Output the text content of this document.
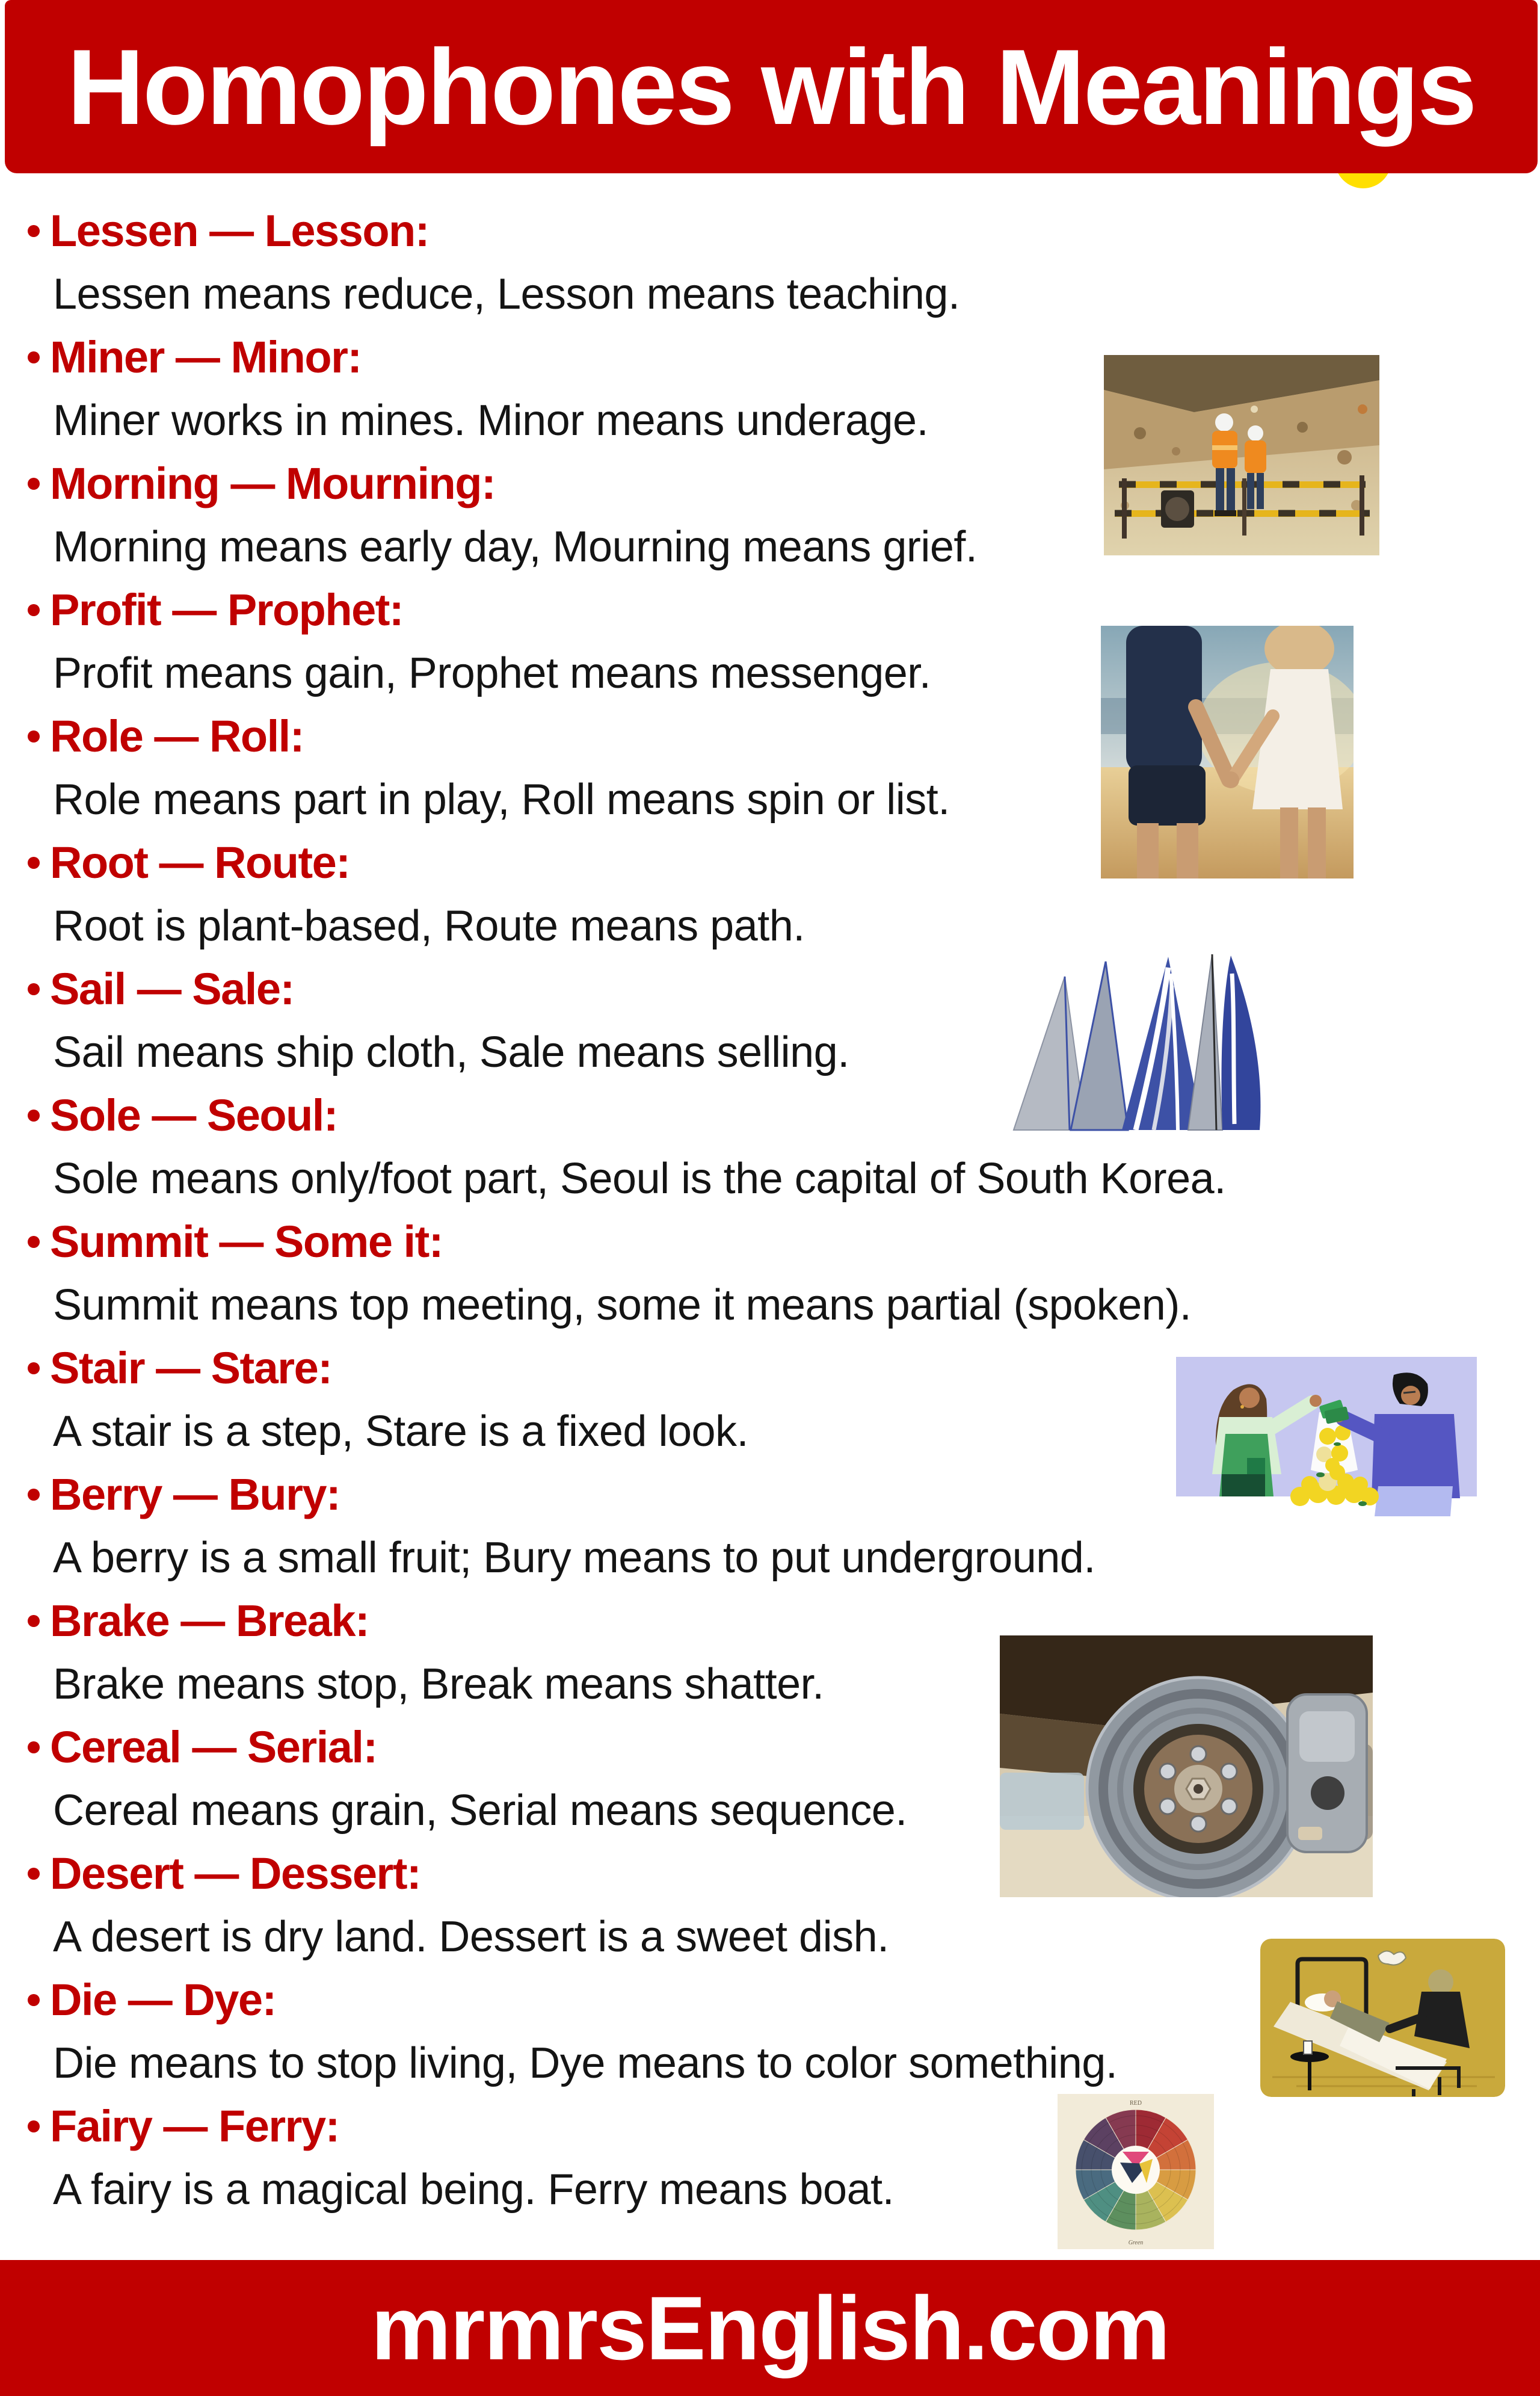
Homophones with Meanings
Lessen — Lesson:
Lessen means reduce, Lesson means teaching.
Miner — Minor:
Miner works in mines. Minor means underage.
Morning — Mourning:
Morning means early day, Mourning means grief.
Profit — Prophet:
Profit means gain, Prophet means messenger.
Role — Roll:
Role means part in play, Roll means spin or list.
Root — Route:
Root is plant-based, Route means path.
Sail — Sale:
Sail means ship cloth, Sale means selling.
Sole — Seoul:
Sole means only/foot part, Seoul is the capital of South Korea.
Summit — Some it:
Summit means top meeting, some it means partial (spoken).
Stair — Stare:
A stair is a step, Stare is a fixed look.
Berry — Bury:
A berry is a small fruit; Bury means to put underground.
Brake — Break:
Brake means stop, Break means shatter.
Cereal — Serial:
Cereal means grain, Serial means sequence.
Desert — Dessert:
A desert is dry land. Dessert is a sweet dish.
Die — Dye:
Die means to stop living, Dye means to color something.
Fairy — Ferry:
A fairy is a magical being. Ferry means boat.
RED
Green
mrmrsEnglish.com
